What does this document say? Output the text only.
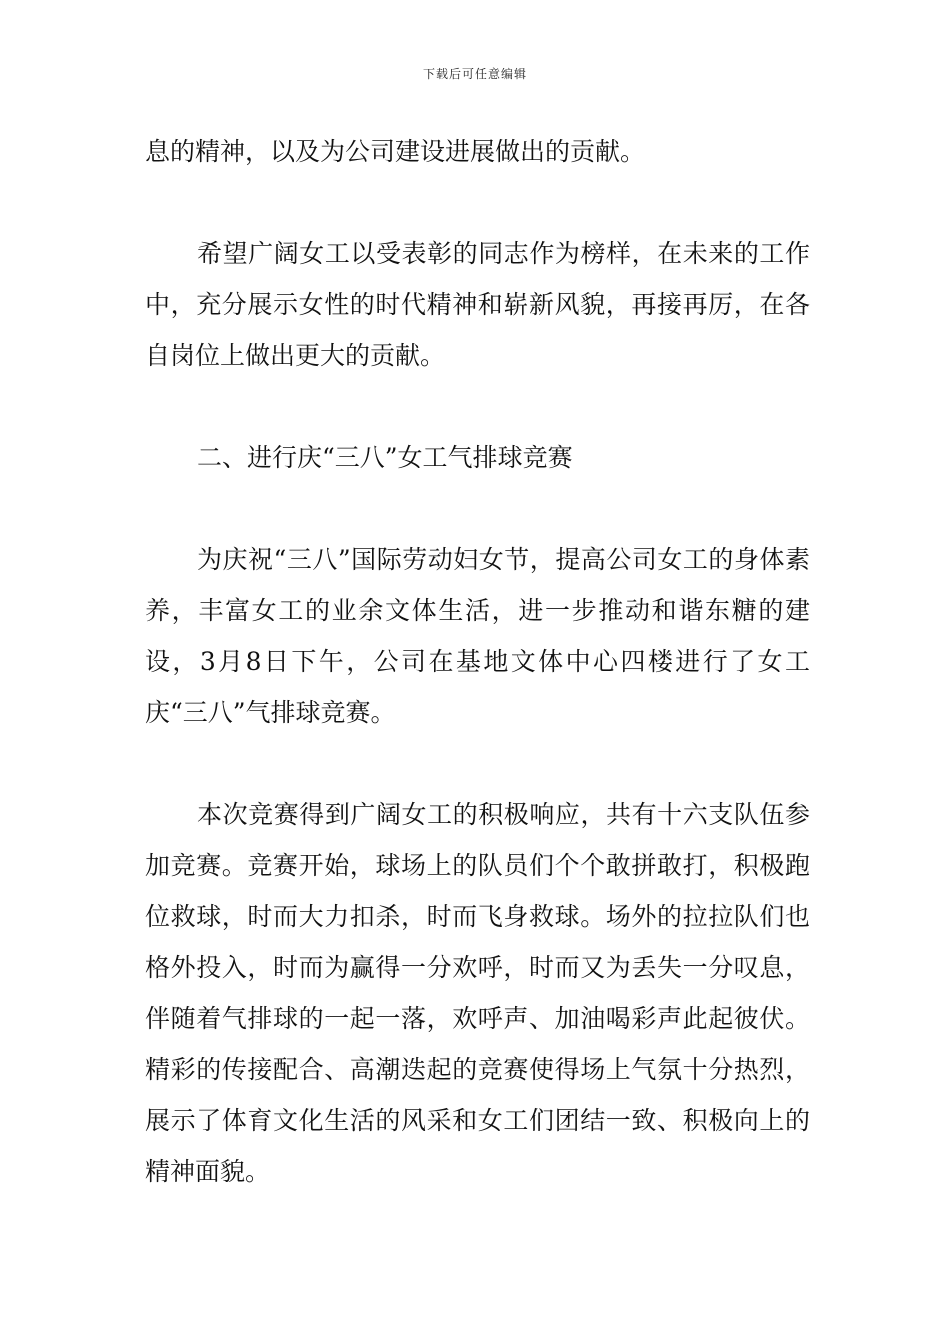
下载后可任意编辑

息的精神，以及为公司建设进展做出的贡献。

希望广阔女工以受表彰的同志作为榜样，在未来的工作中，充分展示女性的时代精神和崭新风貌，再接再厉，在各自岗位上做出更大的贡献。

二、进行庆“三八”女工气排球竞赛

为庆祝“三八”国际劳动妇女节，提高公司女工的身体素养，丰富女工的业余文体生活，进一步推动和谐东糖的建设，3月8日下午，公司在基地文体中心四楼进行了女工庆“三八”气排球竞赛。

本次竞赛得到广阔女工的积极响应，共有十六支队伍参加竞赛。竞赛开始，球场上的队员们个个敢拼敢打，积极跑位救球，时而大力扣杀，时而飞身救球。场外的拉拉队们也格外投入，时而为赢得一分欢呼，时而又为丢失一分叹息，伴随着气排球的一起一落，欢呼声、加油喝彩声此起彼伏。精彩的传接配合、高潮迭起的竞赛使得场上气氛十分热烈，展示了体育文化生活的风采和女工们团结一致、积极向上的精神面貌。
